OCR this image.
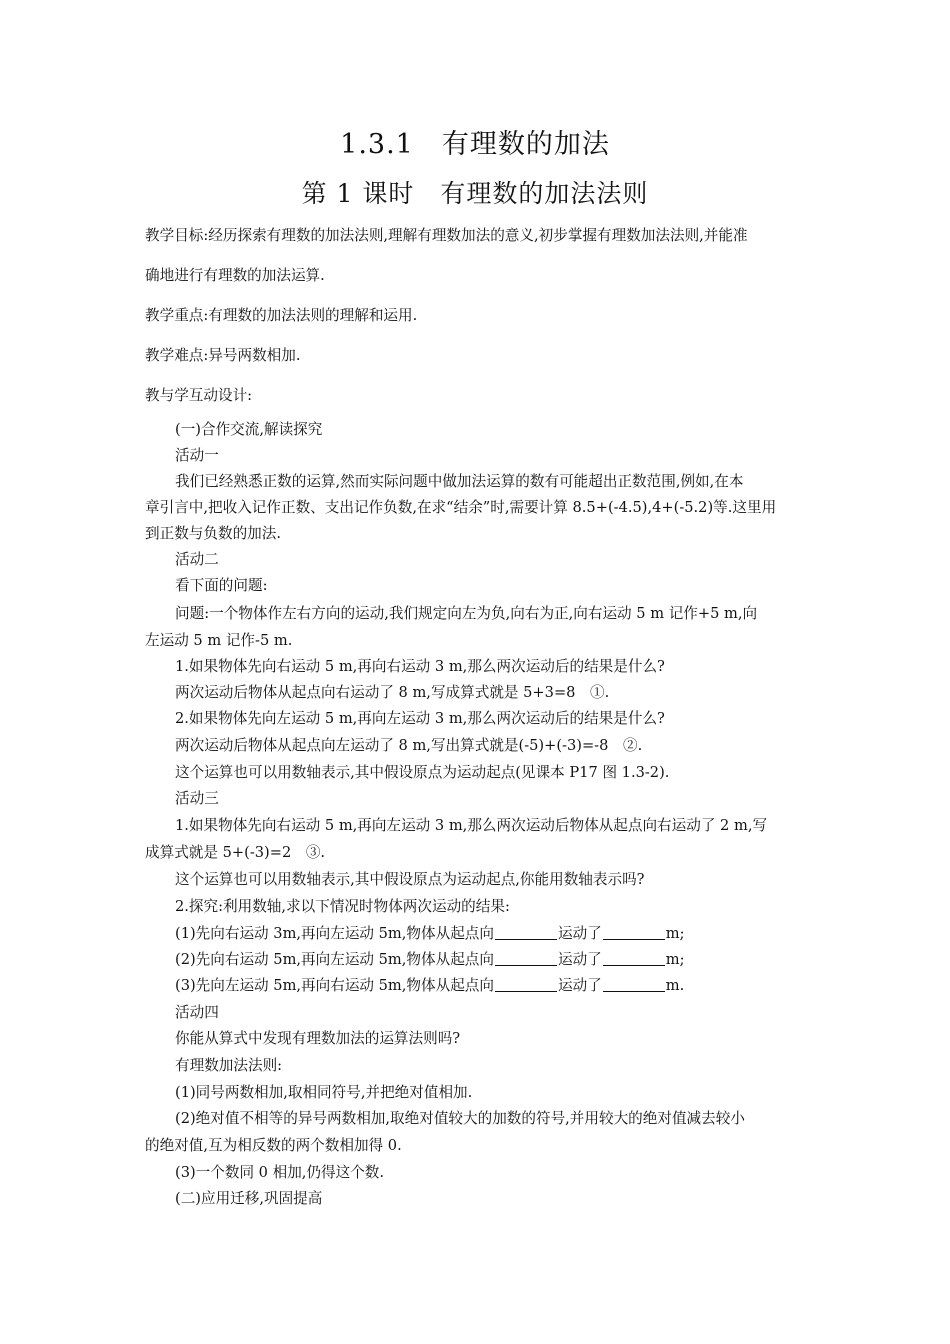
1.3.1　有理数的加法
第 1 课时　有理数的加法法则
教学目标:经历探索有理数的加法法则,理解有理数加法的意义,初步掌握有理数加法法则,并能准
确地进行有理数的加法运算.
教学重点:有理数的加法法则的理解和运用.
教学难点:异号两数相加.
教与学互动设计:
(一)合作交流,解读探究
活动一
我们已经熟悉正数的运算,然而实际问题中做加法运算的数有可能超出正数范围,例如,在本
章引言中,把收入记作正数、支出记作负数,在求“结余”时,需要计算 8.5+(-4.5),4+(-5.2)等.这里用
到正数与负数的加法.
活动二
看下面的问题:
问题:一个物体作左右方向的运动,我们规定向左为负,向右为正,向右运动 5 m 记作+5 m,向
左运动 5 m 记作-5 m.
1.如果物体先向右运动 5 m,再向右运动 3 m,那么两次运动后的结果是什么?
两次运动后物体从起点向右运动了 8 m,写成算式就是 5+3=8　①.
2.如果物体先向左运动 5 m,再向左运动 3 m,那么两次运动后的结果是什么?
两次运动后物体从起点向左运动了 8 m,写出算式就是(-5)+(-3)=-8　②.
这个运算也可以用数轴表示,其中假设原点为运动起点(见课本 P17 图 1.3-2).
活动三
1.如果物体先向右运动 5 m,再向左运动 3 m,那么两次运动后物体从起点向右运动了 2 m,写
成算式就是 5+(-3)=2　③.
这个运算也可以用数轴表示,其中假设原点为运动起点,你能用数轴表示吗?
2.探究:利用数轴,求以下情况时物体两次运动的结果:
(1)先向右运动 3m,再向左运动 5m,物体从起点向	运动了	m;
(2)先向右运动 5m,再向左运动 5m,物体从起点向	运动了	m;
(3)先向左运动 5m,再向右运动 5m,物体从起点向	运动了	m.
活动四
你能从算式中发现有理数加法的运算法则吗?
有理数加法法则:
(1)同号两数相加,取相同符号,并把绝对值相加.
(2)绝对值不相等的异号两数相加,取绝对值较大的加数的符号,并用较大的绝对值减去较小
的绝对值,互为相反数的两个数相加得 0.
(3)一个数同 0 相加,仍得这个数.
(二)应用迁移,巩固提高
